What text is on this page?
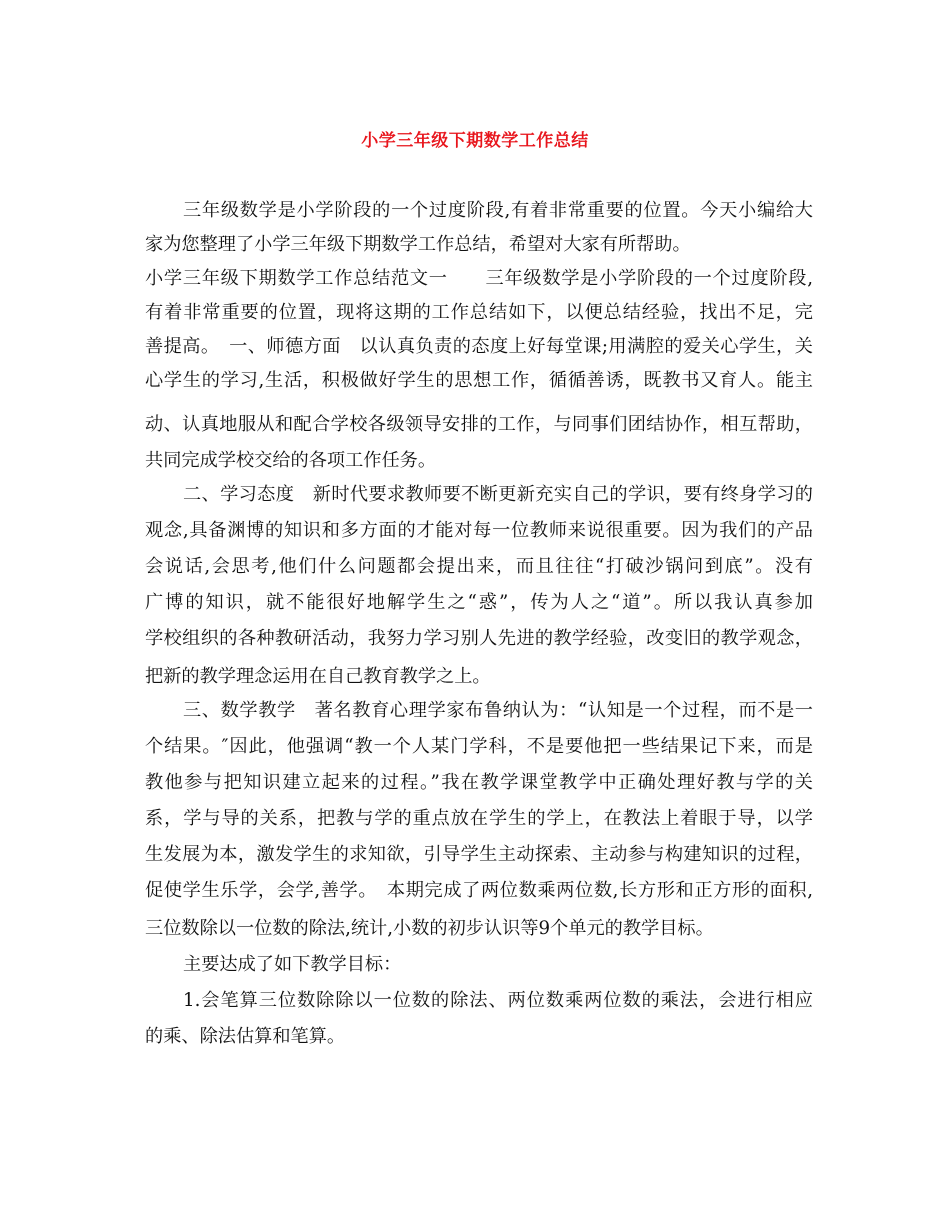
小学三年级下期数学工作总结
三年级数学是小学阶段的一个过度阶段,有着非常重要的位置。今天小编给大
家为您整理了小学三年级下期数学工作总结，希望对大家有所帮助。
小学三年级下期数学工作总结范文一　　三年级数学是小学阶段的一个过度阶段,
有着非常重要的位置，现将这期的工作总结如下，以便总结经验，找出不足，完
善提高。　一、师德方面　以认真负责的态度上好每堂课;用满腔的爱关心学生，关
心学生的学习,生活，积极做好学生的思想工作，循循善诱，既教书又育人。能主
动、认真地服从和配合学校各级领导安排的工作，与同事们团结协作，相互帮助，
共同完成学校交给的各项工作任务。
二、学习态度　新时代要求教师要不断更新充实自己的学识，要有终身学习的
观念,具备渊博的知识和多方面的才能对每一位教师来说很重要。因为我们的产品
会说话,会思考,他们什么问题都会提出来，而且往往“打破沙锅问到底”。没有
广博的知识，就不能很好地解学生之“惑”，传为人之“道”。所以我认真参加
学校组织的各种教研活动，我努力学习别人先进的教学经验，改变旧的教学观念，
把新的教学理念运用在自己教育教学之上。
三、数学教学　著名教育心理学家布鲁纳认为：“认知是一个过程，而不是一
个结果。″因此，他强调“教一个人某门学科，不是要他把一些结果记下来，而是
教他参与把知识建立起来的过程。”我在教学课堂教学中正确处理好教与学的关
系，学与导的关系，把教与学的重点放在学生的学上，在教法上着眼于导，以学
生发展为本，激发学生的求知欲，引导学生主动探索、主动参与构建知识的过程，
促使学生乐学，会学,善学。　本期完成了两位数乘两位数,长方形和正方形的面积,
三位数除以一位数的除法,统计,小数的初步认识等9个单元的教学目标。
主要达成了如下教学目标：
1.会笔算三位数除除以一位数的除法、两位数乘两位数的乘法，会进行相应
的乘、除法估算和笔算。
